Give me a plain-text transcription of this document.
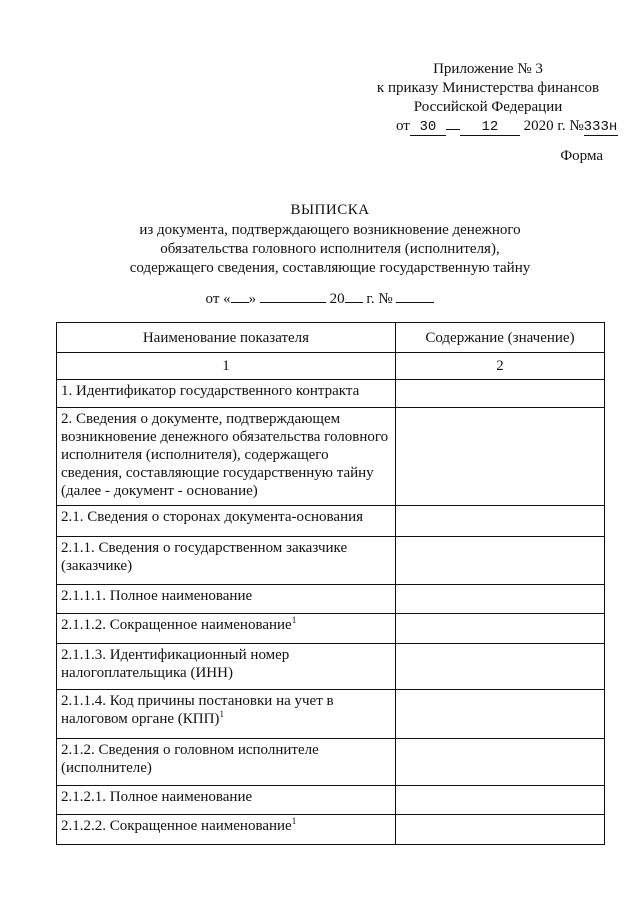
Приложение № 3
к приказу Министерства финансов
Российской Федерации
от 30	12 2020 г. №333н
Форма
ВЫПИСКА
из документа, подтверждающего возникновение денежного
обязательства головного исполнителя (исполнителя),
содержащего сведения, составляющие государственную тайну
от « »	20 г. №
Наименование показателя	Содержание (значение)
1	2
1. Идентификатор государственного контракта	
2. Сведения о документе, подтверждающем возникновение денежного обязательства головного исполнителя (исполнителя), содержащего сведения, составляющие государственную тайну (далее - документ - основание)	
2.1. Сведения о сторонах документа-основания	
2.1.1. Сведения о государственном заказчике (заказчике)	
2.1.1.1. Полное наименование	
2.1.1.2. Сокращенное наименование$^1$	
2.1.1.3. Идентификационный номер налогоплательщика (ИНН)	
2.1.1.4. Код причины постановки на учет в налоговом органе (КПП)$^1$	
2.1.2. Сведения о головном исполнителе (исполнителе)	
2.1.2.1. Полное наименование	
2.1.2.2. Сокращенное наименование$^1$	
